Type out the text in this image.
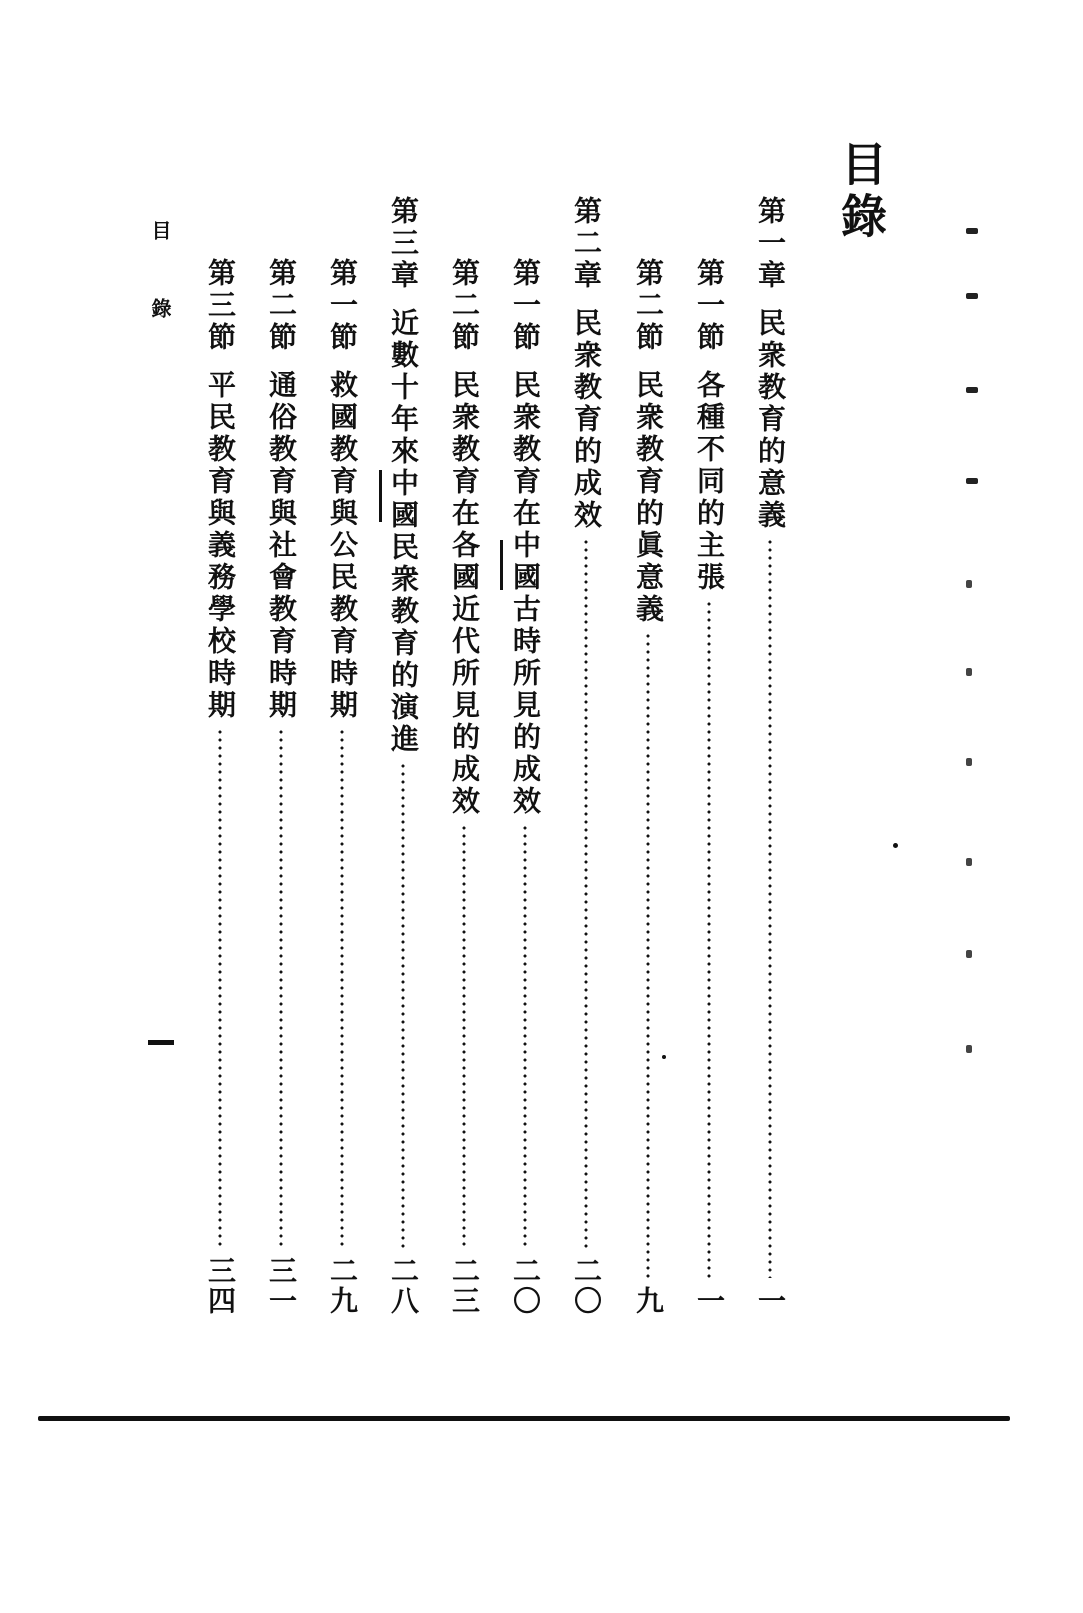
目錄
第一章
民衆教育的意義
一
第一節
各種不同的主張
一
第二節
民衆教育的眞意義
九
第二章
民衆教育的成效
二〇
第一節
民衆教育在中國古時所見的成效
二〇
第二節
民衆教育在各國近代所見的成效
二三
第三章
近數十年來中國民衆教育的演進
二八
第一節
救國教育與公民教育時期
二九
第二節
通俗教育與社會教育時期
三一
第三節
平民教育與義務學校時期
三四
目錄
